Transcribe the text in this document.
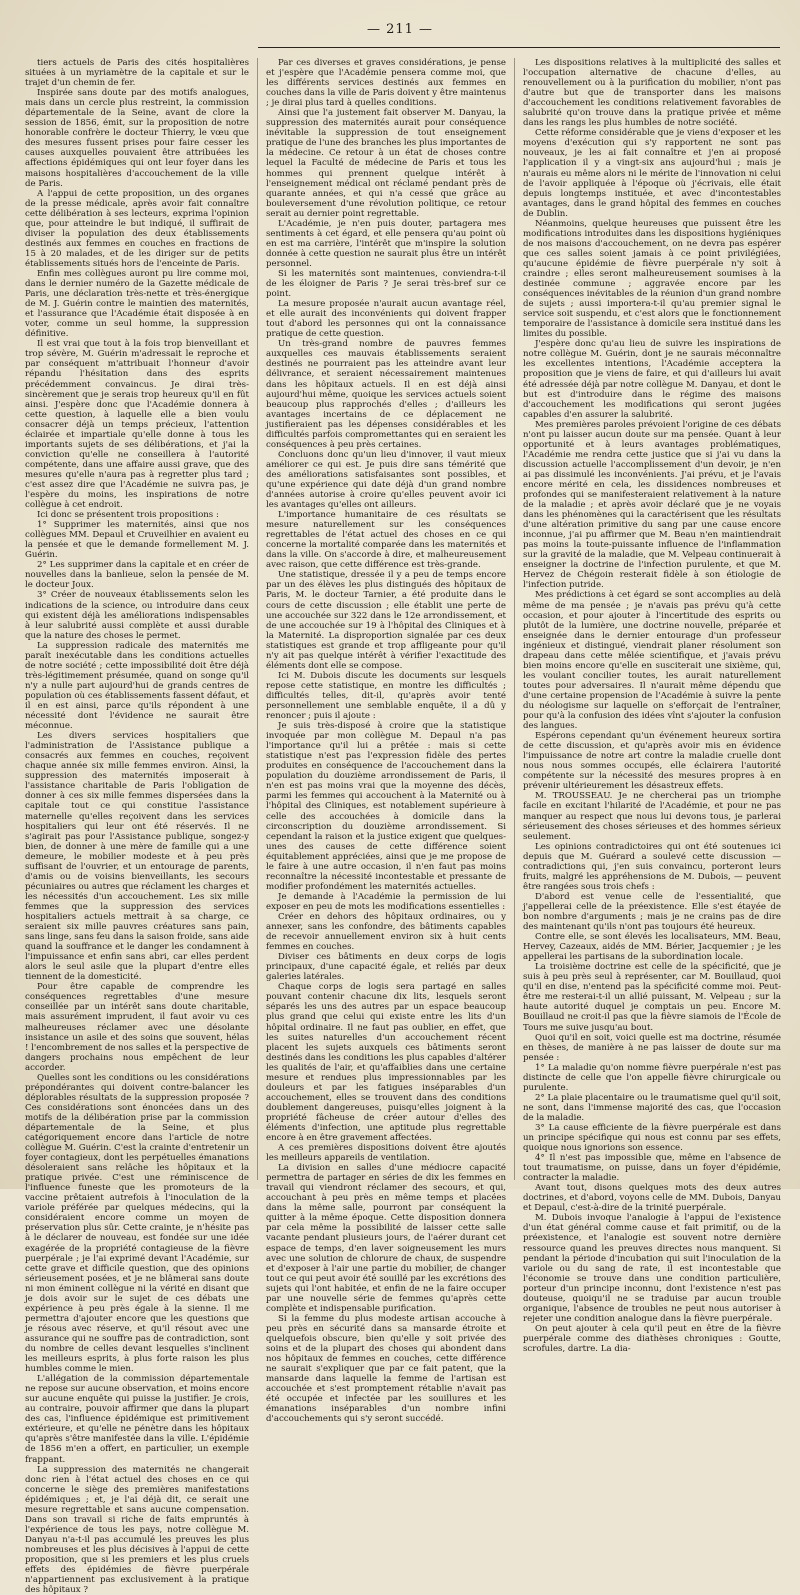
— 211 —

tiers actuels de Paris des cités hospitalières situées à un myriamètre de la capitale et sur le trajet d'un chemin de fer.

Inspirée sans doute par des motifs analogues, mais dans un cercle plus restreint, la commission départementale de la Seine, avant de clore la session de 1856, émit, sur la proposition de notre honorable confrère le docteur Thierry, le vœu que des mesures fussent prises pour faire cesser les causes auxquelles pouvaient être attribuées les affections épidémiques qui ont leur foyer dans les maisons hospitalières d'accouchement de la ville de Paris.

A l'appui de cette proposition, un des organes de la presse médicale, après avoir fait connaître cette délibération à ses lecteurs, exprima l'opinion que, pour atteindre le but indiqué, il suffirait de diviser la population des deux établissements destinés aux femmes en couches en fractions de 15 à 20 malades, et de les diriger sur de petits établissements situés hors de l'enceinte de Paris.

Enfin mes collègues auront pu lire comme moi, dans le dernier numéro de la Gazette médicale de Paris, une déclaration très-nette et très-énergique de M. J. Guérin contre le maintien des maternités, et l'assurance que l'Académie était disposée à en voter, comme un seul homme, la suppression définitive.

Il est vrai que tout à la fois trop bienveillant et trop sévère, M. Guérin m'adressait le reproche et par conséquent m'attribuait l'honneur d'avoir répandu l'hésitation dans des esprits précédemment convaincus. Je dirai très-sincèrement que je serais trop heureux qu'il en fût ainsi. J'espère donc que l'Académie donnera à cette question, à laquelle elle a bien voulu consacrer déjà un temps précieux, l'attention éclairée et impartiale qu'elle donne à tous les importants sujets de ses délibérations, et j'ai la conviction qu'elle ne conseillera à l'autorité compétente, dans une affaire aussi grave, que des mesures qu'elle n'aura pas à regretter plus tard ; c'est assez dire que l'Académie ne suivra pas, je l'espère du moins, les inspirations de notre collègue à cet endroit.

Ici donc se présentent trois propositions :

1° Supprimer les maternités, ainsi que nos collègues MM. Depaul et Cruveilhier en avaient eu la pensée et que le demande formellement M. J. Guérin.

2° Les supprimer dans la capitale et en créer de nouvelles dans la banlieue, selon la pensée de M. le docteur Joux.

3° Créer de nouveaux établissements selon les indications de la science, ou introduire dans ceux qui existent déjà les améliorations indispensables à leur salubrité aussi complète et aussi durable que la nature des choses le permet.

La suppression radicale des maternités me paraît inexécutable dans les conditions actuelles de notre société ; cette impossibilité doit être déjà très-légitimement présumée, quand on songe qu'il n'y a nulle part aujourd'hui de grands centres de population où ces établissements fassent défaut, et il en est ainsi, parce qu'ils répondent à une nécessité dont l'évidence ne saurait être méconnue.

Les divers services hospitaliers que l'administration de l'Assistance publique a consacrés aux femmes en couches, reçoivent chaque année six mille femmes environ. Ainsi, la suppression des maternités imposerait à l'assistance charitable de Paris l'obligation de donner à ces six mille femmes dispersées dans la capitale tout ce qui constitue l'assistance maternelle qu'elles reçoivent dans les services hospitaliers qui leur ont été réservés. Il ne s'agirait pas pour l'Assistance publique, songez-y bien, de donner à une mère de famille qui a une demeure, le mobilier modeste et à peu près suffisant de l'ouvrier, et un entourage de parents, d'amis ou de voisins bienveillants, les secours pécuniaires ou autres que réclament les charges et les nécessités d'un accouchement. Les six mille femmes que la suppression des services hospitaliers actuels mettrait à sa charge, ce seraient six mille pauvres créatures sans pain, sans linge, sans feu dans la saison froide, sans aide quand la souffrance et le danger les condamnent à l'impuissance et enfin sans abri, car elles perdent alors le seul asile que la plupart d'entre elles tiennent de la domesticité.

Pour être capable de comprendre les conséquences regrettables d'une mesure conseillée par un intérêt sans doute charitable, mais assurément imprudent, il faut avoir vu ces malheureuses réclamer avec une désolante insistance un asile et des soins que souvent, hélas ! l'encombrement de nos salles et la perspective de dangers prochains nous empêchent de leur accorder.

Quelles sont les conditions ou les considérations prépondérantes qui doivent contre-balancer les déplorables résultats de la suppression proposée ? Ces considérations sont énoncées dans un des motifs de la délibération prise par la commission départementale de la Seine, et plus catégoriquement encore dans l'article de notre collègue M. Guérin. C'est la crainte d'entretenir un foyer contagieux, dont les perpétuelles émanations désoleraient sans relâche les hôpitaux et la pratique privée. C'est une réminiscence de l'influence funeste que les promoteurs de la vaccine prêtaient autrefois à l'inoculation de la variole préférée par quelques médecins, qui la considéraient encore comme un moyen de préservation plus sûr. Cette crainte, je n'hésite pas à le déclarer de nouveau, est fondée sur une idée exagérée de la propriété contagieuse de la fièvre puerpérale ; je l'ai exprimé devant l'Académie, sur cette grave et difficile question, que des opinions sérieusement posées, et je ne blâmerai sans doute ni mon éminent collègue ni la vérité en disant que je dois avoir sur le sujet de ces débats une expérience à peu près égale à la sienne. Il me permettra d'ajouter encore que les questions que je résous avec réserve, et qu'il résout avec une assurance qui ne souffre pas de contradiction, sont du nombre de celles devant lesquelles s'inclinent les meilleurs esprits, à plus forte raison les plus humbles comme le mien.

L'allégation de la commission départementale ne repose sur aucune observation, et moins encore sur aucune enquête qui puisse la justifier. Je crois, au contraire, pouvoir affirmer que dans la plupart des cas, l'influence épidémique est primitivement extérieure, et qu'elle ne pénètre dans les hôpitaux qu'après s'être manifestée dans la ville. L'épidémie de 1856 m'en a offert, en particulier, un exemple frappant.

La suppression des maternités ne changerait donc rien à l'état actuel des choses en ce qui concerne le siège des premières manifestations épidémiques ; et, je l'ai déjà dit, ce serait une mesure regrettable et sans aucune compensation. Dans son travail si riche de faits empruntés à l'expérience de tous les pays, notre collègue M. Danyau n'a-t-il pas accumulé les preuves les plus nombreuses et les plus décisives à l'appui de cette proposition, que si les premiers et les plus cruels effets des épidémies de fièvre puerpérale n'appartiennent pas exclusivement à la pratique des hôpitaux ?

Par ces diverses et graves considérations, je pense et j'espère que l'Académie pensera comme moi, que les différents services destinés aux femmes en couches dans la ville de Paris doivent y être maintenus ; je dirai plus tard à quelles conditions.

Ainsi que l'a justement fait observer M. Danyau, la suppression des maternités aurait pour conséquence inévitable la suppression de tout enseignement pratique de l'une des branches les plus importantes de la médecine. Ce retour à un état de choses contre lequel la Faculté de médecine de Paris et tous les hommes qui prennent quelque intérêt à l'enseignement médical ont réclamé pendant près de quarante années, et qui n'a cessé que grâce au bouleversement d'une révolution politique, ce retour serait au dernier point regrettable.

L'Académie, je n'en puis douter, partagera mes sentiments à cet égard, et elle pensera qu'au point où en est ma carrière, l'intérêt que m'inspire la solution donnée à cette question ne saurait plus être un intérêt personnel.

Si les maternités sont maintenues, conviendra-t-il de les éloigner de Paris ? Je serai très-bref sur ce point.

La mesure proposée n'aurait aucun avantage réel, et elle aurait des inconvénients qui doivent frapper tout d'abord les personnes qui ont la connaissance pratique de cette question.

Un très-grand nombre de pauvres femmes auxquelles ces mauvais établissements seraient destinés ne pourraient pas les atteindre avant leur délivrance, et seraient nécessairement maintenues dans les hôpitaux actuels. Il en est déjà ainsi aujourd'hui même, quoique les services actuels soient beaucoup plus rapprochés d'elles ; d'ailleurs les avantages incertains de ce déplacement ne justifieraient pas les dépenses considérables et les difficultés parfois compromettantes qui en seraient les conséquences à peu près certaines.

Concluons donc qu'un lieu d'innover, il vaut mieux améliorer ce qui est. Je puis dire sans témérité que des améliorations satisfaisantes sont possibles, et qu'une expérience qui date déjà d'un grand nombre d'années autorise à croire qu'elles peuvent avoir ici les avantages qu'elles ont ailleurs.

L'importance humanitaire de ces résultats se mesure naturellement sur les conséquences regrettables de l'état actuel des choses en ce qui concerne la mortalité comparée dans les maternités et dans la ville. On s'accorde à dire, et malheureusement avec raison, que cette différence est très-grande.

Une statistique, dressée il y a peu de temps encore par un des élèves les plus distingués des hôpitaux de Paris, M. le docteur Tarnier, a été produite dans le cours de cette discussion ; elle établit une perte de une accouchée sur 322 dans le 12e arrondissement, et de une accouchée sur 19 à l'hôpital des Cliniques et à la Maternité. La disproportion signalée par ces deux statistiques est grande et trop affligeante pour qu'il n'y ait pas quelque intérêt à vérifier l'exactitude des éléments dont elle se compose.

Ici M. Dubois discute les documents sur lesquels repose cette statistique, en montre les difficultés ; difficultés telles, dit-il, qu'après avoir tenté personnellement une semblable enquête, il a dû y renoncer ; puis il ajoute :

Je suis très-disposé à croire que la statistique invoquée par mon collègue M. Depaul n'a pas l'importance qu'il lui a prêtée : mais si cette statistique n'est pas l'expression fidèle des pertes produites en conséquence de l'accouchement dans la population du douzième arrondissement de Paris, il n'en est pas moins vrai que la moyenne des décès, parmi les femmes qui accouchent à la Maternité ou à l'hôpital des Cliniques, est notablement supérieure à celle des accouchées à domicile dans la circonscription du douzième arrondissement. Si cependant la raison et la justice exigent que quelques-unes des causes de cette différence soient équitablement appréciées, ainsi que je me propose de le faire à une autre occasion, il n'en faut pas moins reconnaître la nécessité incontestable et pressante de modifier profondément les maternités actuelles.

Je demande à l'Académie la permission de lui exposer en peu de mots les modifications essentielles :

Créer en dehors des hôpitaux ordinaires, ou y annexer, sans les confondre, des bâtiments capables de recevoir annuellement environ six à huit cents femmes en couches.

Diviser ces bâtiments en deux corps de logis principaux, d'une capacité égale, et reliés par deux galeries latérales.

Chaque corps de logis sera partagé en salles pouvant contenir chacune dix lits, lesquels seront séparés les uns des autres par un espace beaucoup plus grand que celui qui existe entre les lits d'un hôpital ordinaire. Il ne faut pas oublier, en effet, que les suites naturelles d'un accouchement récent placent les sujets auxquels ces bâtiments seront destinés dans les conditions les plus capables d'altérer les qualités de l'air, et qu'affaiblies dans une certaine mesure et rendues plus impressionnables par les douleurs et par les fatigues inséparables d'un accouchement, elles se trouvent dans des conditions doublement dangereuses, puisqu'elles joignent à la propriété fâcheuse de créer autour d'elles des éléments d'infection, une aptitude plus regrettable encore à en être gravement affectées.

A ces premières dispositions doivent être ajoutés les meilleurs appareils de ventilation.

La division en salles d'une médiocre capacité permettra de partager en séries de dix les femmes en travail qui viendront réclamer des secours, et qui, accouchant à peu près en même temps et placées dans la même salle, pourront par conséquent la quitter à la même époque. Cette disposition donnera par cela même la possibilité de laisser cette salle vacante pendant plusieurs jours, de l'aérer durant cet espace de temps, d'en laver soigneusement les murs avec une solution de chlorure de chaux, de suspendre et d'exposer à l'air une partie du mobilier, de changer tout ce qui peut avoir été souillé par les excrétions des sujets qui l'ont habitée, et enfin de ne la faire occuper par une nouvelle série de femmes qu'après cette complète et indispensable purification.

Si la femme du plus modeste artisan accouche à peu près en sécurité dans sa mansarde étroite et quelquefois obscure, bien qu'elle y soit privée des soins et de la plupart des choses qui abondent dans nos hôpitaux de femmes en couches, cette différence ne saurait s'expliquer que par ce fait patent, que la mansarde dans laquelle la femme de l'artisan est accouchée et s'est promptement rétablie n'avait pas été occupée et infectée par les souillures et les émanations inséparables d'un nombre infini d'accouchements qui s'y seront succédé.

Les dispositions relatives à la multiplicité des salles et l'occupation alternative de chacune d'elles, au renouvellement ou à la purification du mobilier, n'ont pas d'autre but que de transporter dans les maisons d'accouchement les conditions relativement favorables de salubrité qu'on trouve dans la pratique privée et même dans les rangs les plus humbles de notre société.

Cette réforme considérable que je viens d'exposer et les moyens d'exécution qui s'y rapportent ne sont pas nouveaux, je les ai fait connaître et j'en ai proposé l'application il y a vingt-six ans aujourd'hui ; mais je n'aurais eu même alors ni le mérite de l'innovation ni celui de l'avoir appliquée à l'époque où j'écrivais, elle était depuis longtemps instituée, et avec d'incontestables avantages, dans le grand hôpital des femmes en couches de Dublin.

Néanmoins, quelque heureuses que puissent être les modifications introduites dans les dispositions hygiéniques de nos maisons d'accouchement, on ne devra pas espérer que ces salles soient jamais à ce point privilégiées, qu'aucune épidémie de fièvre puerpérale n'y soit à craindre ; elles seront malheureusement soumises à la destinée commune ; aggravée encore par les conséquences inévitables de la réunion d'un grand nombre de sujets ; aussi importera-t-il qu'au premier signal le service soit suspendu, et c'est alors que le fonctionnement temporaire de l'assistance à domicile sera institué dans les limites du possible.

J'espère donc qu'au lieu de suivre les inspirations de notre collègue M. Guérin, dont je ne saurais méconnaître les excellentes intentions, l'Académie acceptera la proposition que je viens de faire, et qui d'ailleurs lui avait été adressée déjà par notre collègue M. Danyau, et dont le but est d'introduire dans le régime des maisons d'accouchement les modifications qui seront jugées capables d'en assurer la salubrité.

Mes premières paroles prévoient l'origine de ces débats n'ont pu laisser aucun doute sur ma pensée. Quant à leur opportunité et à leurs avantages problématiques, l'Académie me rendra cette justice que si j'ai vu dans la discussion actuelle l'accomplissement d'un devoir, je n'en ai pas dissimulé les inconvénients. J'ai prévu, et je l'avais encore mérité en cela, les dissidences nombreuses et profondes qui se manifesteraient relativement à la nature de la maladie ; et après avoir déclaré que je ne voyais dans les phénomènes qui la caractérisent que les résultats d'une altération primitive du sang par une cause encore inconnue, j'ai pu affirmer que M. Beau n'en maintiendrait pas moins la toute-puissante influence de l'inflammation sur la gravité de la maladie, que M. Velpeau continuerait à enseigner la doctrine de l'infection purulente, et que M. Hervez de Chégoin resterait fidèle à son étiologie de l'infection putride.

Mes prédictions à cet égard se sont accomplies au delà même de ma pensée ; je n'avais pas prévu qu'à cette occasion, et pour ajouter à l'incertitude des esprits ou plutôt de la lumière, une doctrine nouvelle, préparée et enseignée dans le dernier entourage d'un professeur ingénieux et distingué, viendrait planer résolument son drapeau dans cette mêlée scientifique, et j'avais prévu bien moins encore qu'elle en susciterait une sixième, qui, les voulant concilier toutes, les aurait naturellement toutes pour adversaires. Il n'aurait même dépendu que d'une certaine propension de l'Académie à suivre la pente du néologisme sur laquelle on s'efforçait de l'entraîner, pour qu'à la confusion des idées vînt s'ajouter la confusion des langues.

Espérons cependant qu'un événement heureux sortira de cette discussion, et qu'après avoir mis en évidence l'impuissance de notre art contre la maladie cruelle dont nous nous sommes occupés, elle éclairera l'autorité compétente sur la nécessité des mesures propres à en prévenir ultérieurement les désastreux effets.

M. TROUSSEAU. Je ne chercherai pas un triomphe facile en excitant l'hilarité de l'Académie, et pour ne pas manquer au respect que nous lui devons tous, je parlerai sérieusement des choses sérieuses et des hommes sérieux seulement.

Les opinions contradictoires qui ont été soutenues ici depuis que M. Guérard a soulevé cette discussion — contradictions qui, j'en suis convaincu, porteront leurs fruits, malgré les appréhensions de M. Dubois, — peuvent être rangées sous trois chefs :

D'abord est venue celle de l'essentialité, que j'appellerai celle de la préexistence. Elle s'est étayée de bon nombre d'arguments ; mais je ne crains pas de dire des maintenant qu'ils n'ont pas toujours été heureux.

Contre elle, se sont élevés les localisateurs, MM. Beau, Hervey, Cazeaux, aidés de MM. Bérier, Jacquemier ; je les appellerai les partisans de la subordination locale.

La troisième doctrine est celle de la spécificité, que je suis à peu près seul à représenter, car M. Bouillaud, quoi qu'il en dise, n'entend pas la spécificité comme moi. Peut-être me resterai-t-il un allié puissant, M. Velpeau ; sur la haute autorité duquel je comptais un peu. Encore M. Bouillaud ne croit-il pas que la fièvre siamois de l'École de Tours me suive jusqu'au bout.

Quoi qu'il en soit, voici quelle est ma doctrine, résumée en thèses, de manière à ne pas laisser de doute sur ma pensée :

1° La maladie qu'on nomme fièvre puerpérale n'est pas distincte de celle que l'on appelle fièvre chirurgicale ou purulente.

2° La plaie placentaire ou le traumatisme quel qu'il soit, ne sont, dans l'immense majorité des cas, que l'occasion de la maladie.

3° La cause efficiente de la fièvre puerpérale est dans un principe spécifique qui nous est connu par ses effets, quoique nous ignorions son essence.

4° Il n'est pas impossible que, même en l'absence de tout traumatisme, on puisse, dans un foyer d'épidémie, contracter la maladie.

Avant tout, disons quelques mots des deux autres doctrines, et d'abord, voyons celle de MM. Dubois, Danyau et Depaul, c'est-à-dire de la trinité puerpérale.

M. Dubois invoque l'analogie à l'appui de l'existence d'un état général comme cause et fait primitif, ou de la préexistence, et l'analogie est souvent notre dernière ressource quand les preuves directes nous manquent. Si pendant la période d'incubation qui suit l'inoculation de la variole ou du sang de rate, il est incontestable que l'économie se trouve dans une condition particulière, porteur d'un principe inconnu, dont l'existence n'est pas douteuse, quoiqu'il ne se traduise par aucun trouble organique, l'absence de troubles ne peut nous autoriser à rejeter une condition analogue dans la fièvre puerpérale.

On peut ajouter à cela qu'il peut en être de la fièvre puerpérale comme des diathèses chroniques : Goutte, scrofules, dartre. La dia-
